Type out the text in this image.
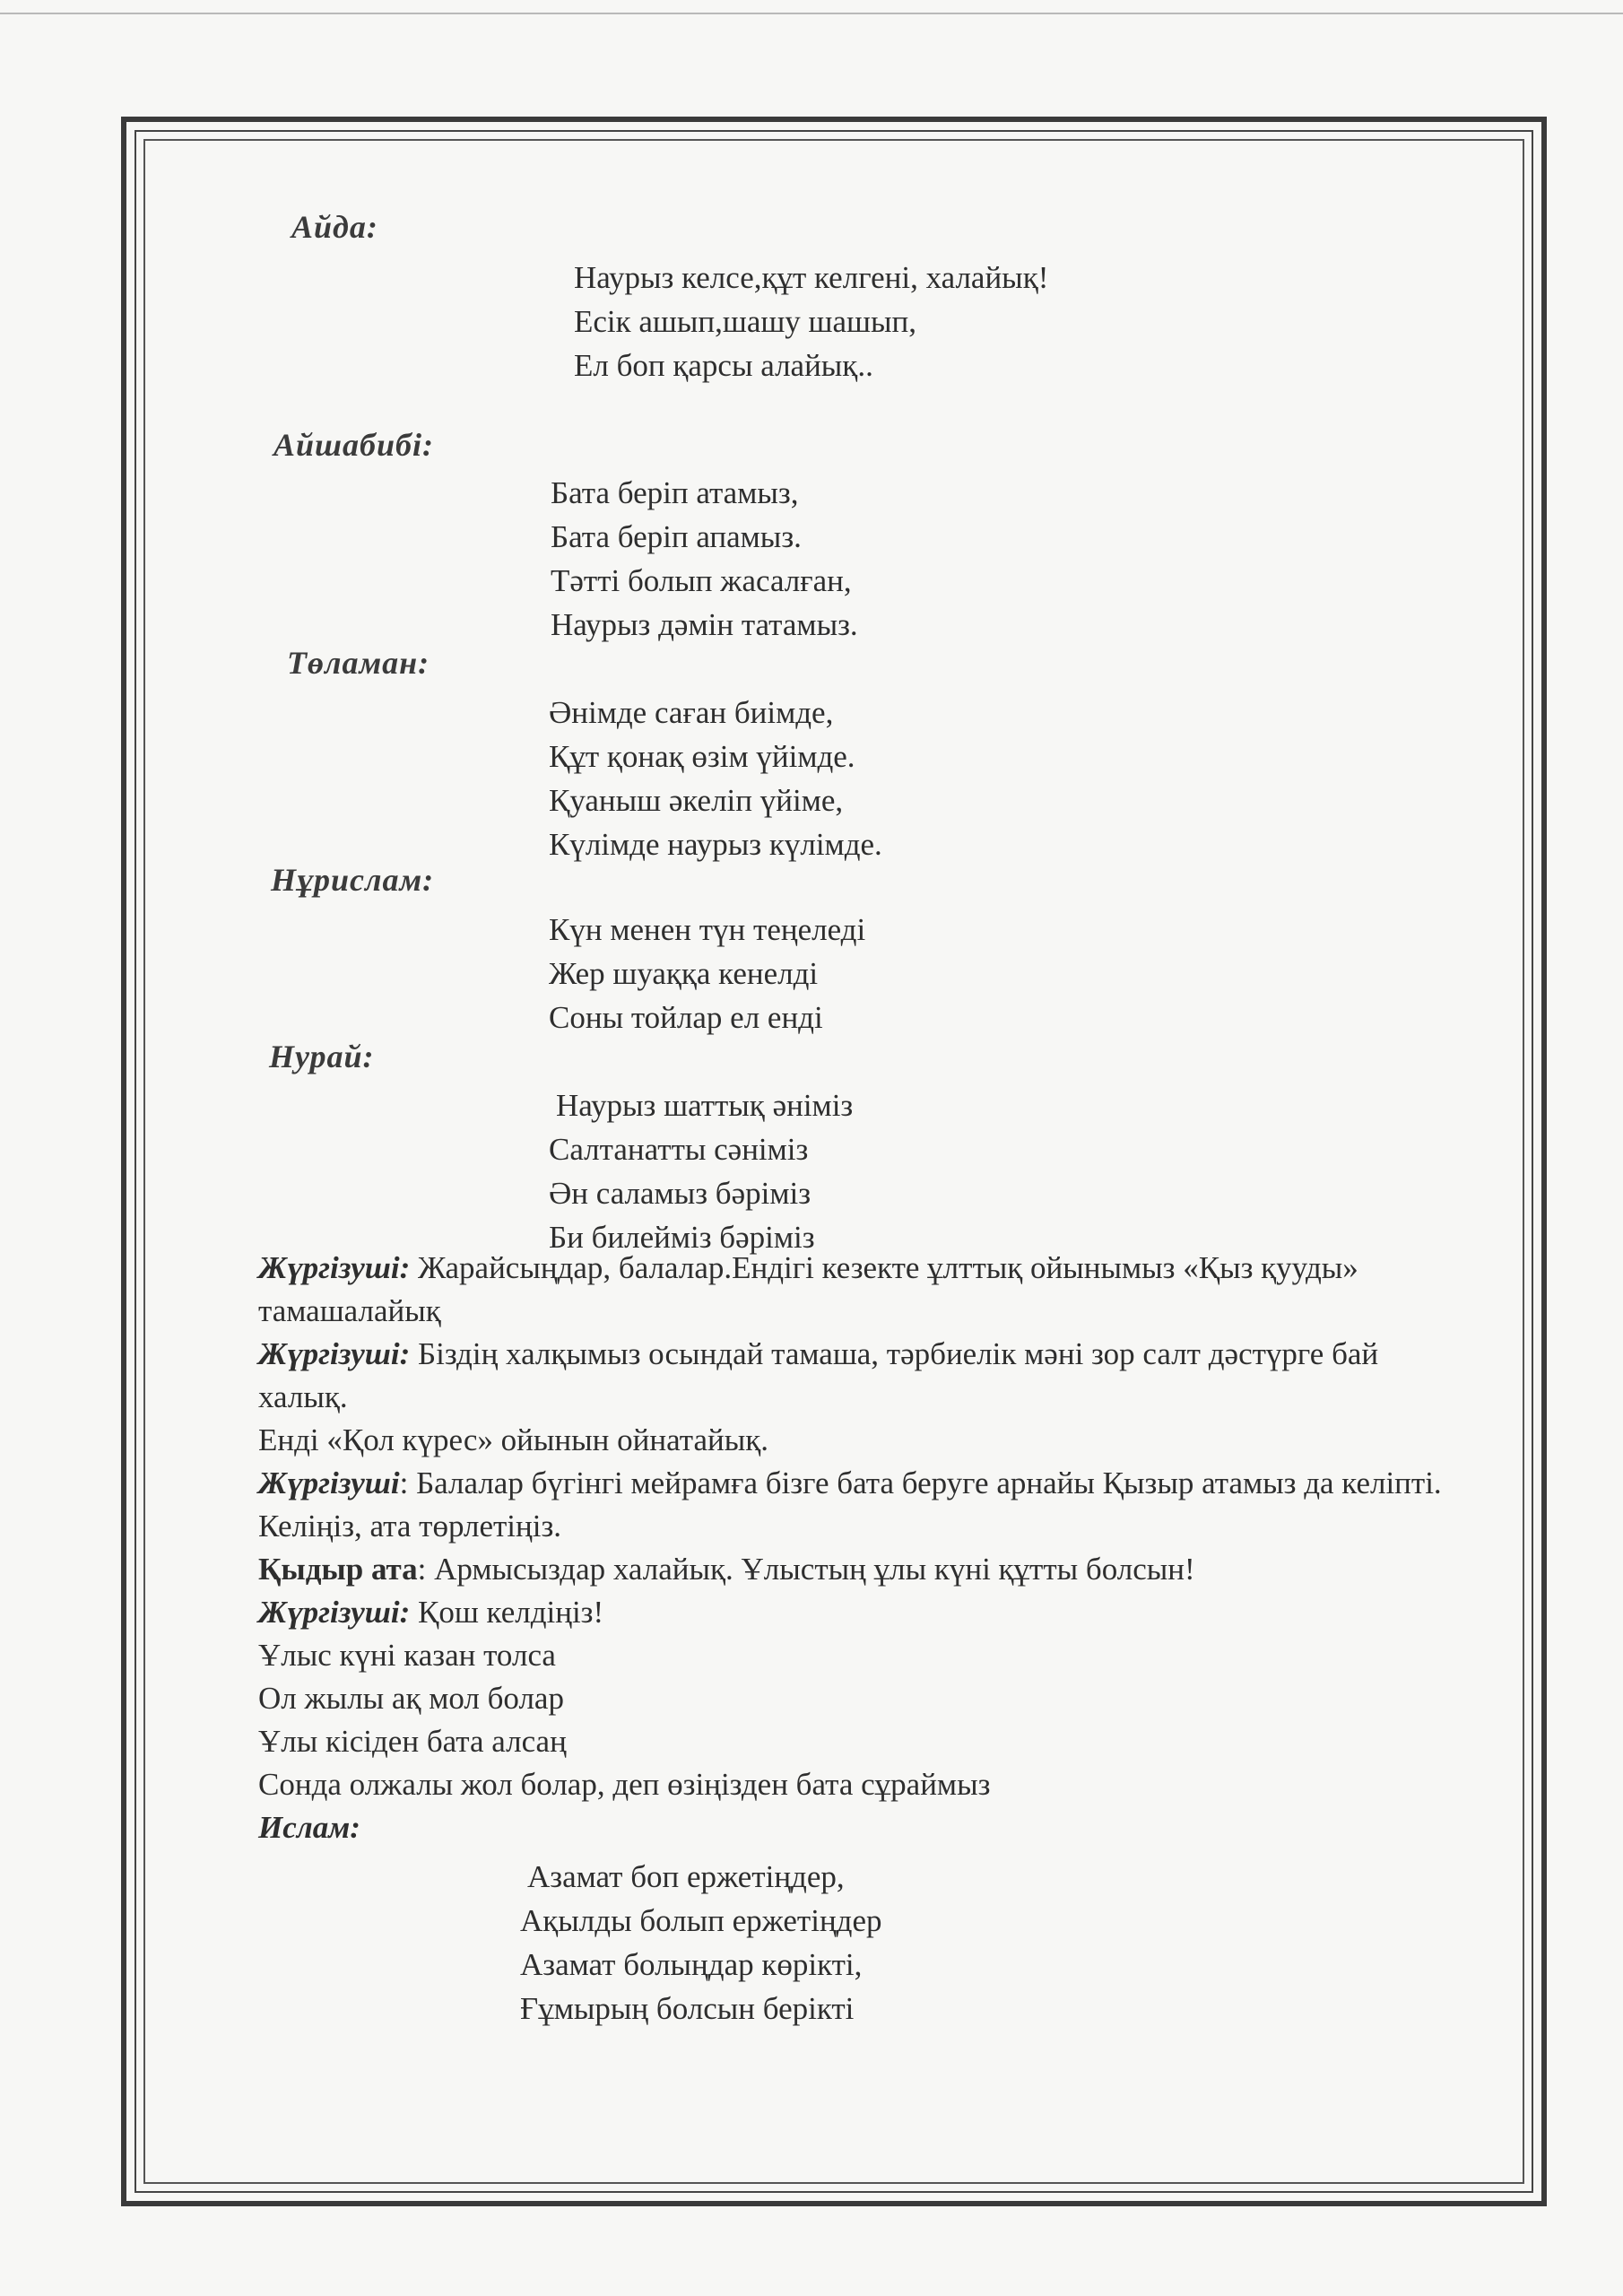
Айда:
Наурыз келсе,құт келгені, халайық!
Есік ашып,шашу шашып,
Ел боп қарсы алайық..
Айшабибі:
Бата беріп атамыз,
Бата беріп апамыз.
Тәтті болып жасалған,
Наурыз дәмін татамыз.
Төламан:
Әнімде саған биімде,
Құт қонақ өзім үйімде.
Қуаныш әкеліп үйіме,
Күлімде наурыз күлімде.
Нұрислам:
Күн менен түн теңеледі
Жер шуаққа кенелді
Соны тойлар ел енді
Нурай:
Наурыз шаттық әніміз
Салтанатты сәніміз
Ән саламыз бәріміз
Би билейміз бәріміз

Жүргізуші: Жарайсыңдар, балалар.Ендігі кезекте ұлттық ойынымыз «Қыз қууды» тамашалайық

Жүргізуші: Біздің халқымыз осындай тамаша, тәрбиелік мәні зор салт дәстүрге бай халық.

Енді «Қол күрес» ойынын ойнатайық.

Жүргізуші: Балалар бүгінгі мейрамға бізге бата беруге арнайы Қызыр атамыз да келіпті. Келіңіз, ата төрлетіңіз.

Қыдыр ата: Армысыздар халайық. Ұлыстың ұлы күні құтты болсын!

Жүргізуші: Қош келдіңіз!

Ұлыс күні казан толса

Ол жылы ақ мол болар

Ұлы кісіден бата алсаң

Сонда олжалы жол болар, деп өзіңізден бата сұраймыз

Ислам:

Азамат боп ержетіңдер,
Ақылды болып ержетіңдер
Азамат болыңдар көрікті,
Ғұмырың болсын берікті
